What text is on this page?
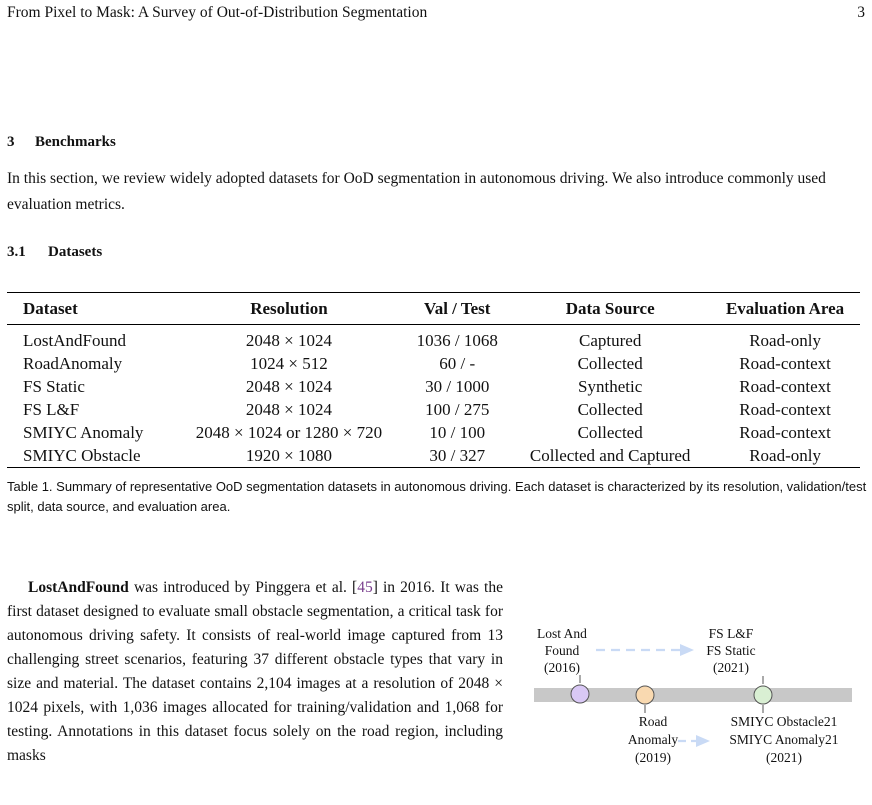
From Pixel to Mask: A Survey of Out-of-Distribution Segmentation	3
3 Benchmarks
In this section, we review widely adopted datasets for OoD segmentation in autonomous driving. We also introduce commonly used evaluation metrics.
3.1 Datasets
Dataset	Resolution	Val / Test	Data Source	Evaluation Area
LostAndFound	2048 × 1024	1036 / 1068	Captured	Road-only
RoadAnomaly	1024 × 512	60 / -	Collected	Road-context
FS Static	2048 × 1024	30 / 1000	Synthetic	Road-context
FS L&F	2048 × 1024	100 / 275	Collected	Road-context
SMIYC Anomaly	2048 × 1024 or 1280 × 720	10 / 100	Collected	Road-context
SMIYC Obstacle	1920 × 1080	30 / 327	Collected and Captured	Road-only
Table 1. Summary of representative OoD segmentation datasets in autonomous driving. Each dataset is characterized by its resolution, validation/test split, data source, and evaluation area.
LostAndFound was introduced by Pinggera et al. [45] in 2016. It was the first dataset designed to evaluate small obstacle segmentation, a critical task for autonomous driving safety. It consists of real-world image captured from 13 challenging street scenarios, featuring 37 different obstacle types that vary in size and material. The dataset contains 2,104 images at a resolution of 2048 × 1024 pixels, with 1,036 images allocated for training/validation and 1,068 for testing. Annotations in this dataset focus solely on the road region, including masks
Lost And
Found
(2016)
FS L&F
FS Static
(2021)
Road
Anomaly
(2019)
SMIYC Obstacle21
SMIYC Anomaly21
(2021)
